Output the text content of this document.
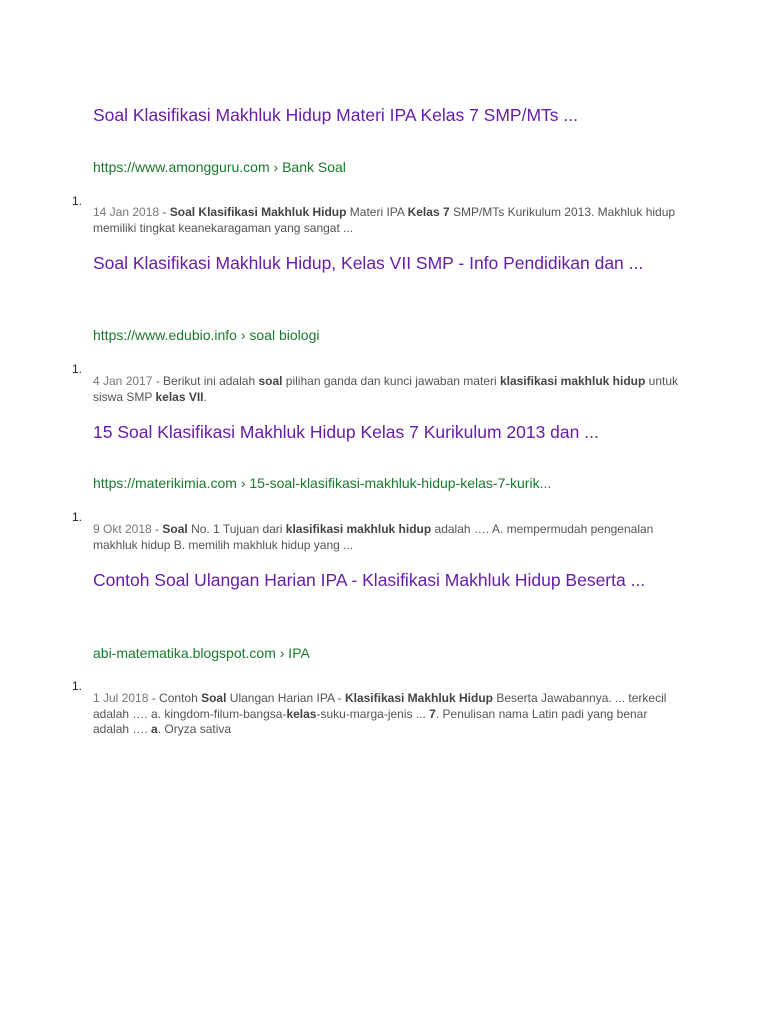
Soal Klasifikasi Makhluk Hidup Materi IPA Kelas 7 SMP/MTs ...
https://www.amongguru.com › Bank Soal
1.

14 Jan 2018 - Soal Klasifikasi Makhluk Hidup Materi IPA Kelas 7 SMP/MTs Kurikulum 2013. Makhluk hidup memiliki tingkat keanekaragaman yang sangat ...

Soal Klasifikasi Makhluk Hidup, Kelas VII SMP - Info Pendidikan dan ...
https://www.edubio.info › soal biologi
1.

4 Jan 2017 - Berikut ini adalah soal pilihan ganda dan kunci jawaban materi klasifikasi makhluk hidup untuk siswa SMP kelas VII.

15 Soal Klasifikasi Makhluk Hidup Kelas 7 Kurikulum 2013 dan ...
https://materikimia.com › 15-soal-klasifikasi-makhluk-hidup-kelas-7-kurik...
1.

9 Okt 2018 - Soal No. 1 Tujuan dari klasifikasi makhluk hidup adalah …. A. mempermudah pengenalan makhluk hidup B. memilih makhluk hidup yang ...

Contoh Soal Ulangan Harian IPA - Klasifikasi Makhluk Hidup Beserta ...
abi-matematika.blogspot.com › IPA
1.

1 Jul 2018 - Contoh Soal Ulangan Harian IPA - Klasifikasi Makhluk Hidup Beserta Jawabannya. ... terkecil adalah …. a. kingdom-filum-bangsa-kelas-suku-marga-jenis ... 7. Penulisan nama Latin padi yang benar adalah …. a. Oryza sativa
